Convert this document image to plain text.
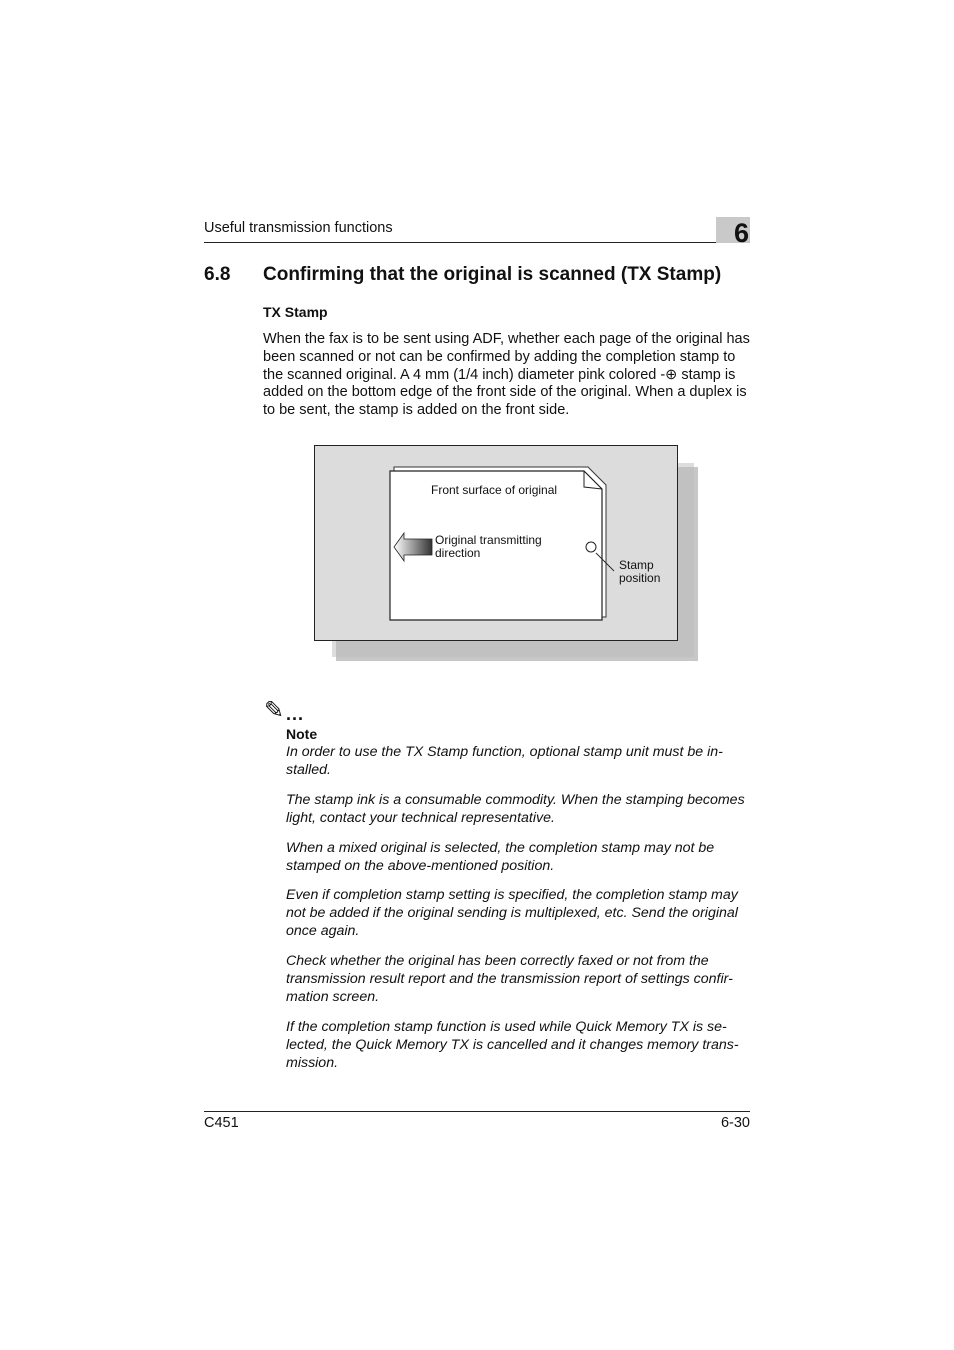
Useful transmission functions	6
6.8 Confirming that the original is scanned (TX Stamp)
TX Stamp

When the fax is to be sent using ADF, whether each page of the original has

been scanned or not can be confirmed by adding the completion stamp to

the scanned original. A 4 mm (1/4 inch) diameter pink colored -⊕ stamp is

added on the bottom edge of the front side of the original. When a duplex is

to be sent, the stamp is added on the front side.

Front surface of original
Original transmitting
direction
Stamp
position
✎ ...
Note

In order to use the TX Stamp function, optional stamp unit must be in-
stalled.

The stamp ink is a consumable commodity. When the stamping becomes
light, contact your technical representative.

When a mixed original is selected, the completion stamp may not be
stamped on the above-mentioned position.

Even if completion stamp setting is specified, the completion stamp may
not be added if the original sending is multiplexed, etc. Send the original
once again.

Check whether the original has been correctly faxed or not from the
transmission result report and the transmission report of settings confir-
mation screen.

If the completion stamp function is used while Quick Memory TX is se-
lected, the Quick Memory TX is cancelled and it changes memory trans-
mission.

C451	6-30
